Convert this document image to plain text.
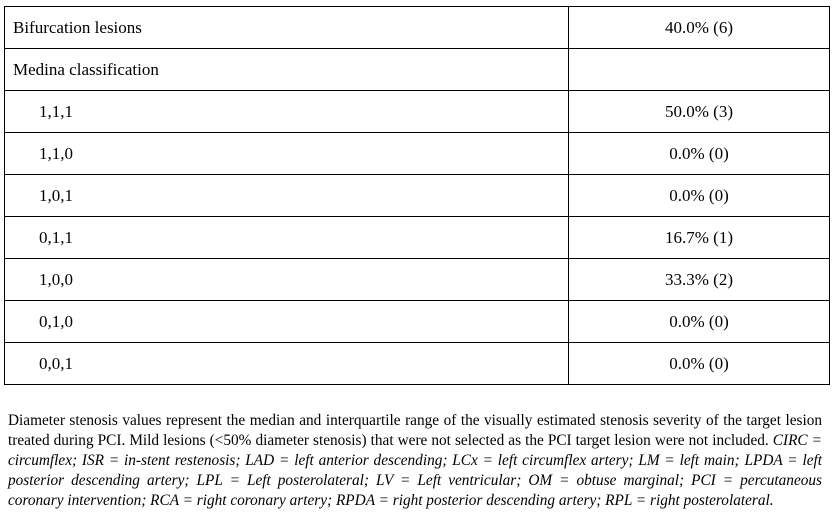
Bifurcation lesions	40.0% (6)
Medina classification	
1,1,1	50.0% (3)
1,1,0	0.0% (0)
1,0,1	0.0% (0)
0,1,1	16.7% (1)
1,0,0	33.3% (2)
0,1,0	0.0% (0)
0,0,1	0.0% (0)

Diameter stenosis values represent the median and interquartile range of the visually estimated stenosis severity of the target lesion treated during PCI. Mild lesions (<50% diameter stenosis) that were not selected as the PCI target lesion were not included. CIRC = circumflex; ISR = in-stent restenosis; LAD = left anterior descending; LCx = left circumflex artery; LM = left main; LPDA = left posterior descending artery; LPL = Left posterolateral; LV = Left ventricular; OM = obtuse marginal; PCI = percutaneous coronary intervention; RCA = right coronary artery; RPDA = right posterior descending artery; RPL = right posterolateral.
